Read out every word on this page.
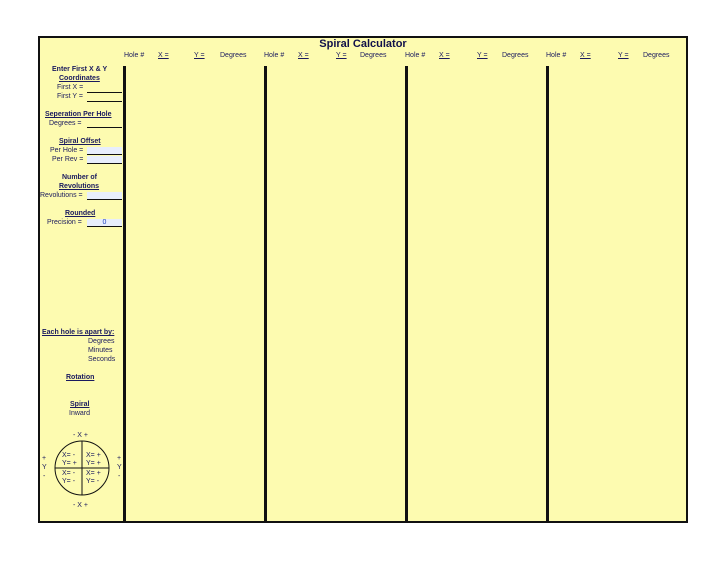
Spiral Calculator
Hole # X =	Y = Degrees	Hole # X =	Y = Degrees	Hole # X =	Y = Degrees	Hole # X =	Y = Degrees
Enter First X & Y
Coordinates
First X =
First Y =
Seperation Per Hole
Degrees =
Spiral Offset
Per Hole =
Per Rev =
Number of
Revolutions
Revolutions =
Rounded
Precision =	0
Each hole is apart by:
Degrees
Minutes
Seconds
Rotation
Spiral
Inward
- X +
+
Y
-
+
Y
-
X= -
Y= +
X= +
Y= +
X= -
Y= -
X= +
Y= -
- X +
